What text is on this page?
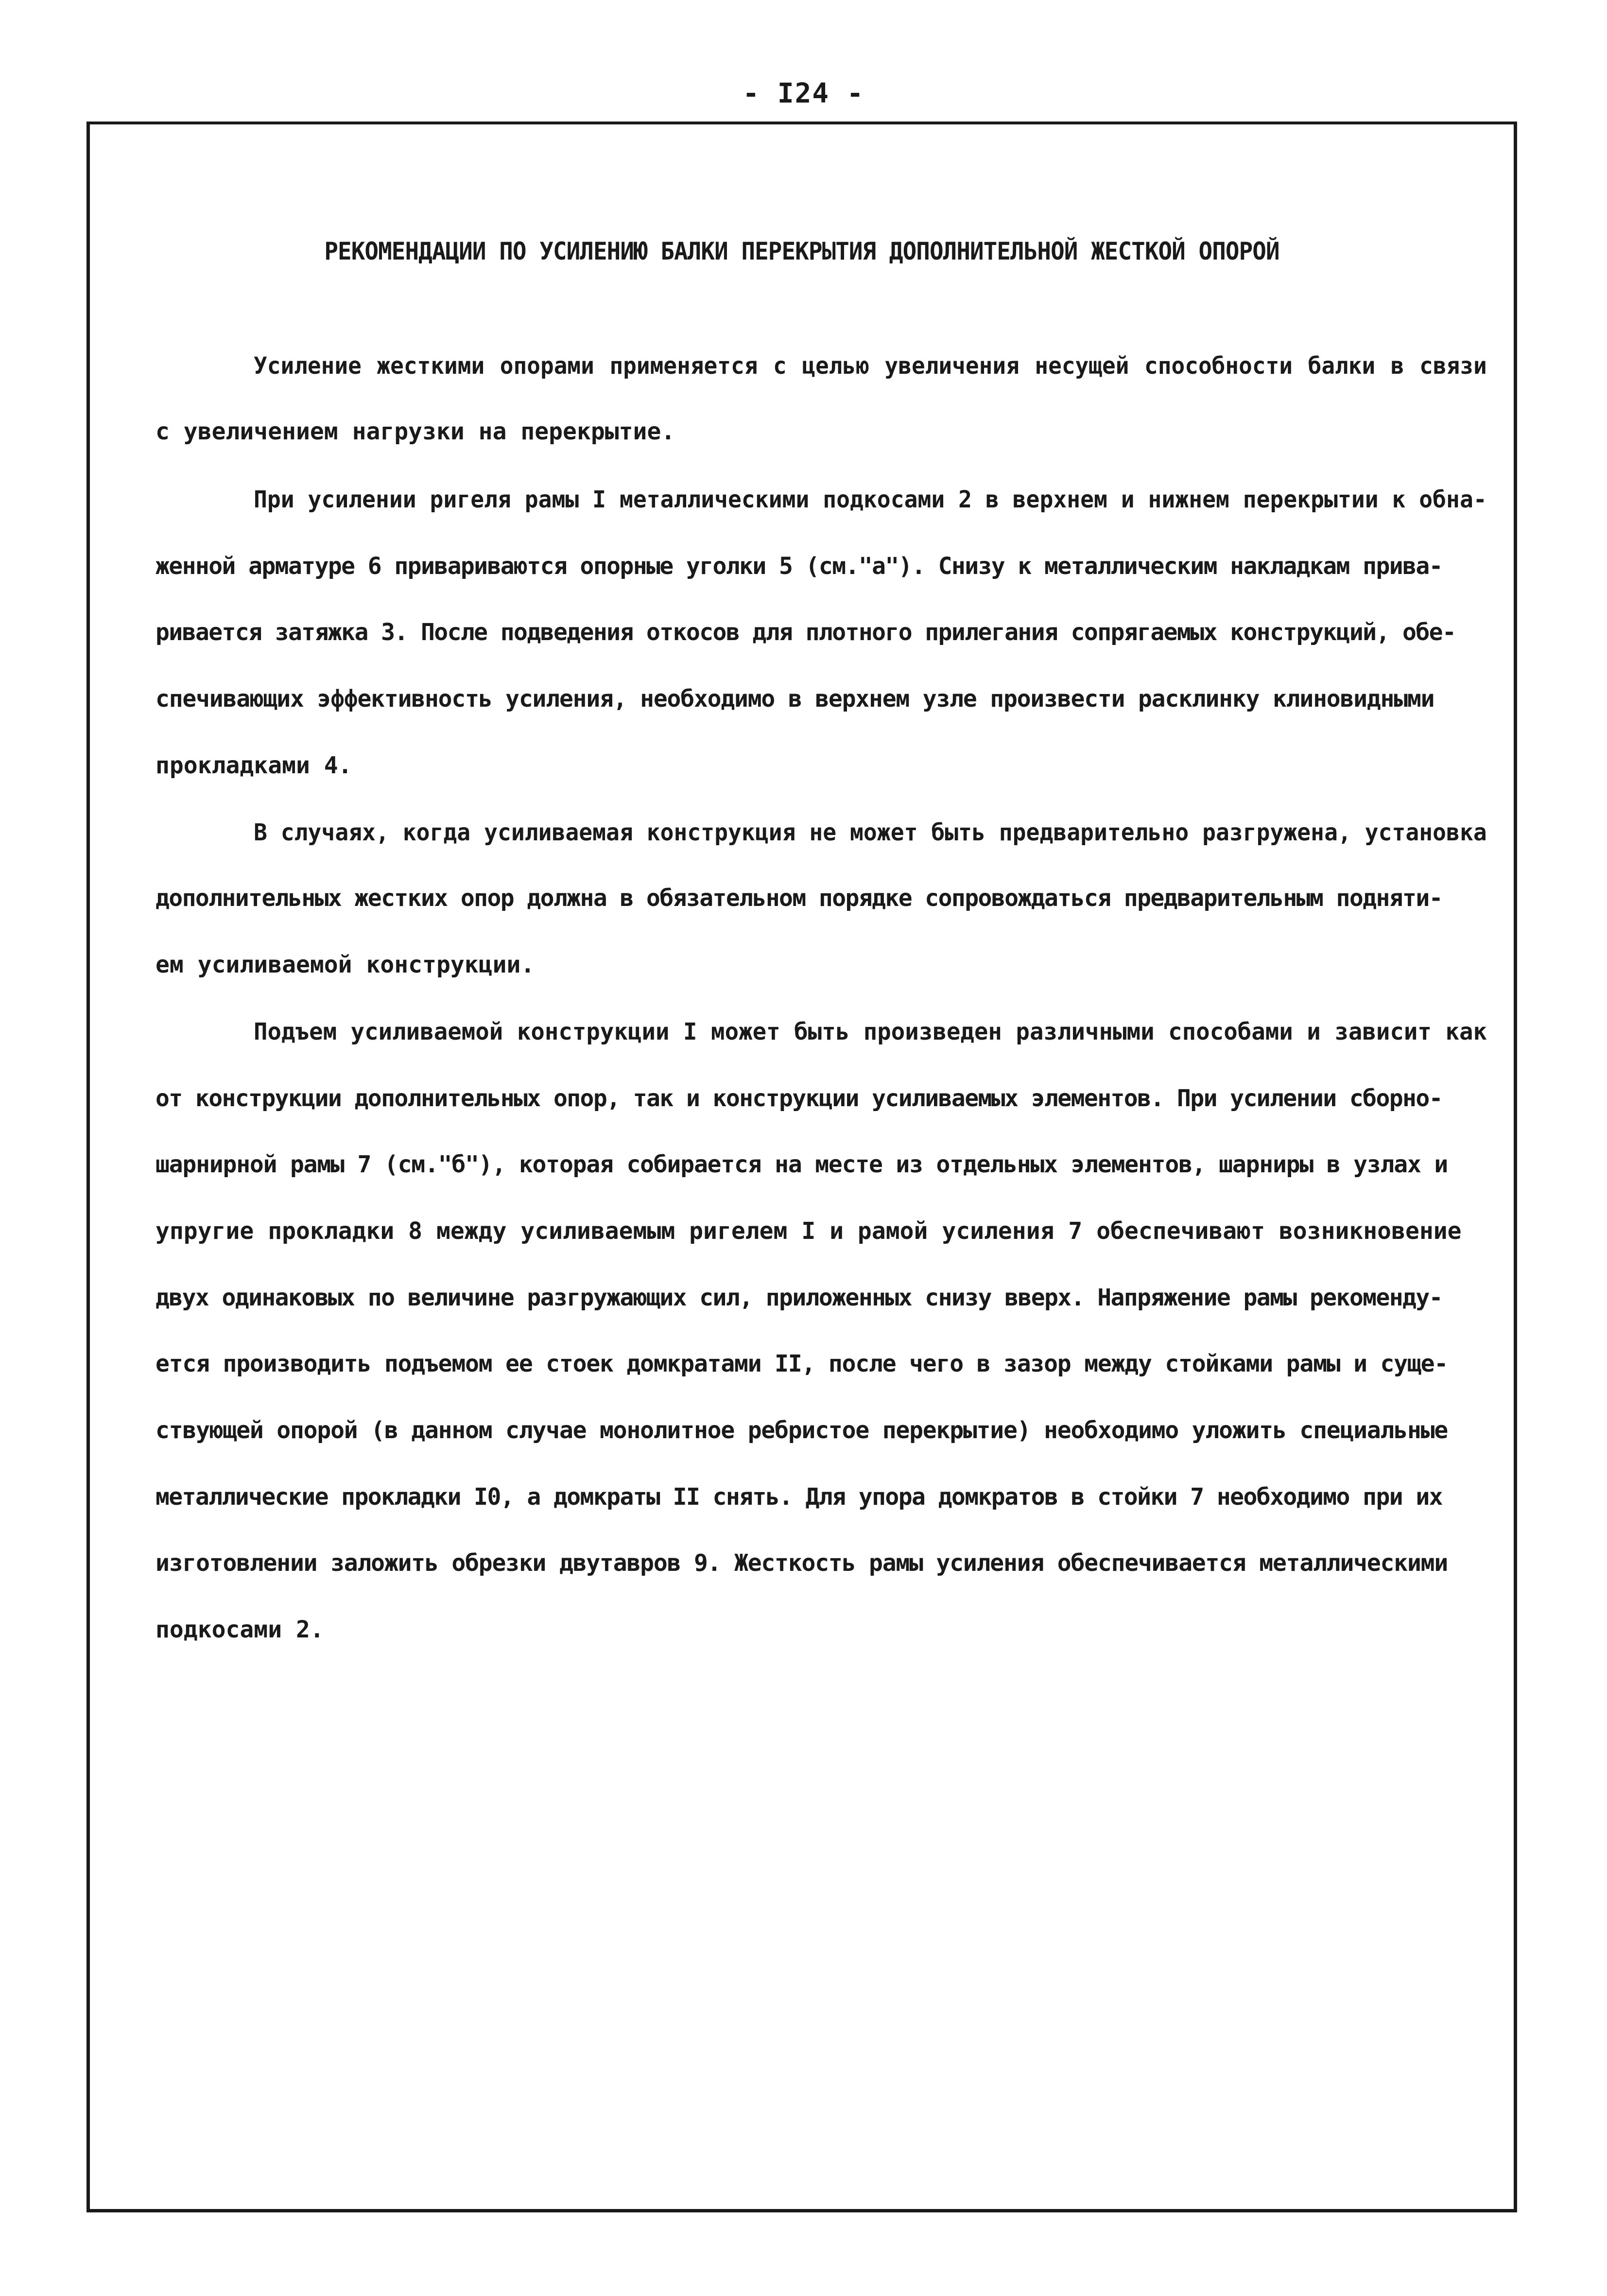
- I24 -
РЕКОМЕНДАЦИИ ПО УСИЛЕНИЮ БАЛКИ ПЕРЕКРЫТИЯ ДОПОЛНИТЕЛЬНОЙ ЖЕСТКОЙ ОПОРОЙ
Усиление жесткими опорами применяется с целью увеличения несущей способности балки в связи
с увеличением нагрузки на перекрытие.
При усилении ригеля рамы I металлическими подкосами 2 в верхнем и нижнем перекрытии к обна-
женной арматуре 6 привариваются опорные уголки 5 (см."а"). Снизу к металлическим накладкам прива-
ривается затяжка 3. После подведения откосов для плотного прилегания сопрягаемых конструкций, обе-
спечивающих эффективность усиления, необходимо в верхнем узле произвести расклинку клиновидными
прокладками 4.
В случаях, когда усиливаемая конструкция не может быть предварительно разгружена, установка
дополнительных жестких опор должна в обязательном порядке сопровождаться предварительным подняти-
ем усиливаемой конструкции.
Подъем усиливаемой конструкции I может быть произведен различными способами и зависит как
от конструкции дополнительных опор, так и конструкции усиливаемых элементов. При усилении сборно-
шарнирной рамы 7 (см."б"), которая собирается на месте из отдельных элементов, шарниры в узлах и
упругие прокладки 8 между усиливаемым ригелем I и рамой усиления 7 обеспечивают возникновение
двух одинаковых по величине разгружающих сил, приложенных снизу вверх. Напряжение рамы рекоменду-
ется производить подъемом ее стоек домкратами II, после чего в зазор между стойками рамы и суще-
ствующей опорой (в данном случае монолитное ребристое перекрытие) необходимо уложить специальные
металлические прокладки I0, а домкраты II снять. Для упора домкратов в стойки 7 необходимо при их
изготовлении заложить обрезки двутавров 9. Жесткость рамы усиления обеспечивается металлическими
подкосами 2.
